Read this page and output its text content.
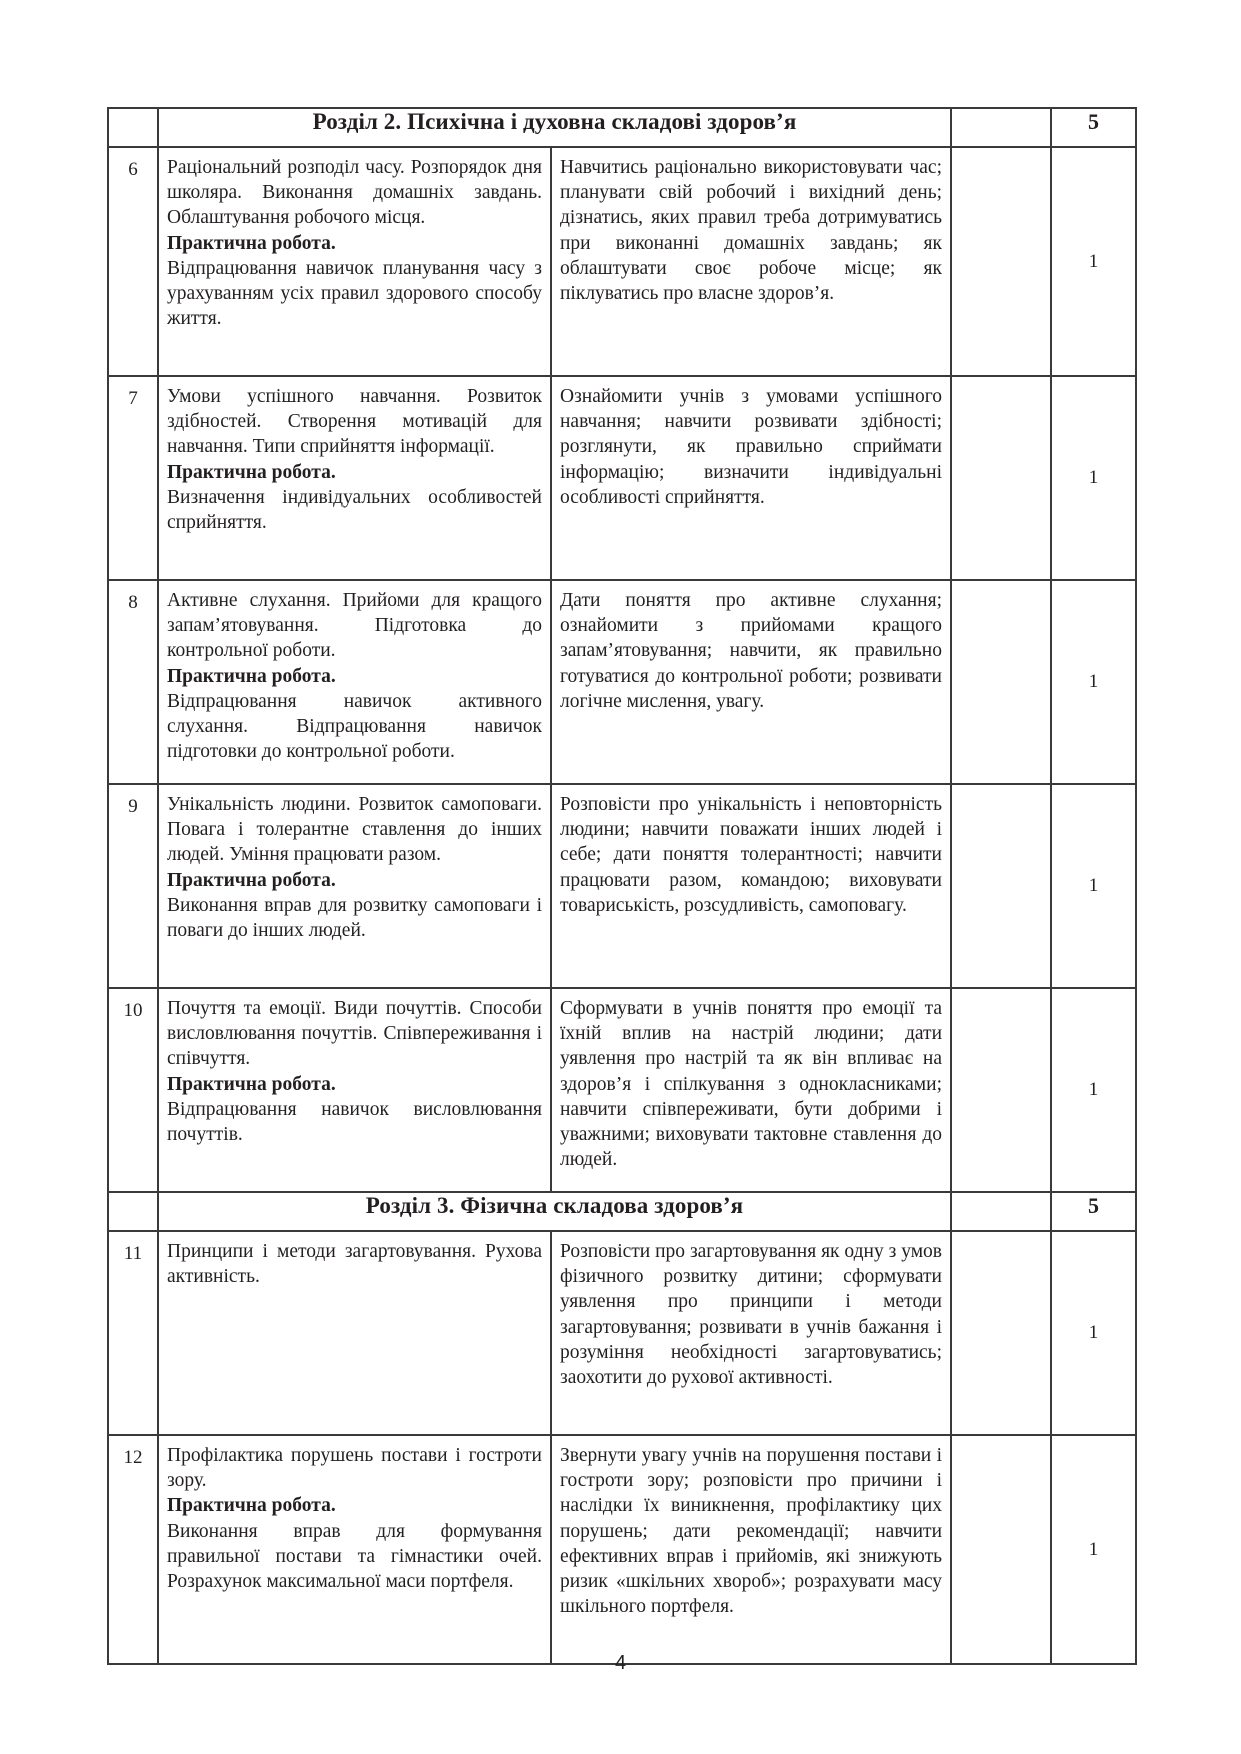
	Розділ 2. Психічна і духовна складові здоров’я			5
6	Раціональний розподіл часу. Розпорядок дня школяра. Виконання домашніх завдань. Облаштування робочого місця.
Практична робота.
Відпрацювання навичок планування часу з урахуванням усіх правил здорового способу життя.
	Навчитись раціонально використовувати час; планувати свій робочий і вихідний день; дізнатись, яких правил треба дотримуватись при виконанні домашніх завдань; як облаштувати своє робоче місце; як піклуватись про власне здоров’я.		1
7	Умови успішного навчання. Розвиток здібностей. Створення мотивацій для навчання. Типи сприйняття інформації.
Практична робота.
Визначення індивідуальних особливостей сприйняття.	Ознайомити учнів з умовами успішного навчання; навчити розвивати здібності; розглянути, як правильно сприймати інформацію; визначити індивідуальні особливості сприйняття.		1
8	Активне слухання. Прийоми для кращого запам’ятовування. Підготовка до контрольної роботи.
Практична робота.
Відпрацювання навичок активного слухання. Відпрацювання навичок підготовки до контрольної роботи.	Дати поняття про активне слухання; ознайомити з прийомами кращого запам’ятовування; навчити, як правильно готуватися до контрольної роботи; розвивати логічне мислення, увагу.		1
9	Унікальність людини. Розвиток самоповаги. Повага і толерантне ставлення до інших людей. Уміння працювати разом.
Практична робота.
Виконання вправ для розвитку самоповаги і поваги до інших людей.
	Розповісти про унікальність і неповторність людини; навчити поважати інших людей і себе; дати поняття толерантності; навчити працювати разом, командою; виховувати товариськість, розсудливість, самоповагу.		1
10	Почуття та емоції. Види почуттів. Способи висловлювання почуттів. Співпереживання і співчуття.
Практична робота.
Відпрацювання навичок висловлювання почуттів.
	Сформувати в учнів поняття про емоції та їхній вплив на настрій людини; дати уявлення про настрій та як він впливає на здоров’я і спілкування з однокласниками; навчити співпереживати, бути добрими і уважними; виховувати тактовне ставлення до людей.		1
	Розділ 3. Фізична складова здоров’я			5
11	Принципи і методи загартовування. Рухова активність.	Розповісти про загартовування як одну з умов фізичного розвитку дитини; сформувати уявлення про принципи і методи загартовування; розвивати в учнів бажання і розуміння необхідності загартовуватись; заохотити до рухової активності.		1
12	Профілактика порушень постави і гостроти зору.
Практична робота.
Виконання вправ для формування правильної постави та гімнастики очей. Розрахунок максимальної маси портфеля.
	Звернути увагу учнів на порушення постави і гостроти зору; розповісти про причини і наслідки їх виникнення, профілактику цих порушень; дати рекомендації; навчити ефективних вправ і прийомів, які знижують ризик «шкільних хвороб»; розрахувати масу шкільного портфеля.		1
4
